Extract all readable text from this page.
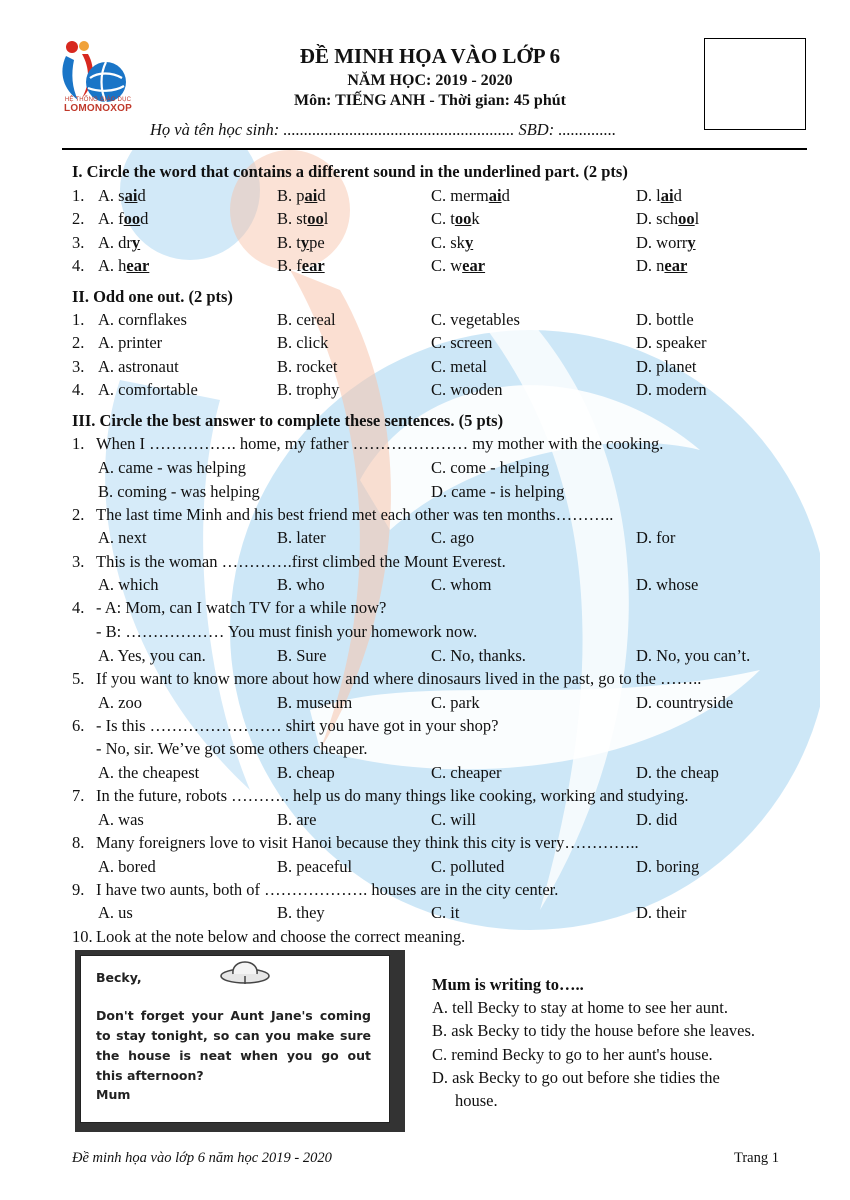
HỆ THỐNG GIÁO DỤC
LOMONOXOP
ĐỀ MINH HỌA VÀO LỚP 6
NĂM HỌC: 2019 - 2020
Môn: TIẾNG ANH - Thời gian: 45 phút
Họ và tên học sinh: ........................................................ SBD: ..............
I. Circle the word that contains a different sound in the underlined part. (2 pts)
1. A. said	B. paid	C. mermaid	D. laid
2. A. food	B. stool	C. took	D. school
3. A. dry	B. type	C. sky	D. worry
4. A. hear	B. fear	C. wear	D. near
II. Odd one out. (2 pts)
1. A. cornflakes	B. cereal	C. vegetables	D. bottle
2. A. printer	B. click	C. screen	D. speaker
3. A. astronaut	B. rocket	C. metal	D. planet
4. A. comfortable	B. trophy	C. wooden	D. modern
III. Circle the best answer to complete these sentences. (5 pts)
1. When I ……………. home, my father ………………… my mother with the cooking.
A. came - was helping	C. come - helping
B. coming - was helping	D. came - is helping
2. The last time Minh and his best friend met each other was ten months………..
A. next	B. later	C. ago	D. for
3. This is the woman ………….first climbed the Mount Everest.
A. which	B. who	C. whom	D. whose
4. - A: Mom, can I watch TV for a while now?
- B: ……………… You must finish your homework now.
A. Yes, you can.	B. Sure	C. No, thanks.	D. No, you can’t.
5. If you want to know more about how and where dinosaurs lived in the past, go to the ……..
A. zoo	B. museum	C. park	D. countryside
6. - Is this …………………… shirt you have got in your shop?
- No, sir. We’ve got some others cheaper.
A. the cheapest	B. cheap	C. cheaper	D. the cheap
7. In the future, robots ……….. help us do many things like cooking, working and studying.
A. was	B. are	C. will	D. did
8. Many foreigners love to visit Hanoi because they think this city is very…………..
A. bored	B. peaceful	C. polluted	D. boring
9. I have two aunts, both of ………………. houses are in the city center.
A. us	B. they	C. it	D. their
10. Look at the note below and choose the correct meaning.
Becky,
Don't forget your Aunt Jane's coming to stay tonight, so can you make sure the house is neat when you go out this afternoon?
Mum
Mum is writing to…..
A. tell Becky to stay at home to see her aunt.
B. ask Becky to tidy the house before she leaves.
C. remind Becky to go to her aunt's house.
D. ask Becky to go out before she tidies the
house.
Đề minh họa vào lớp 6 năm học 2019 - 2020	Trang 1
